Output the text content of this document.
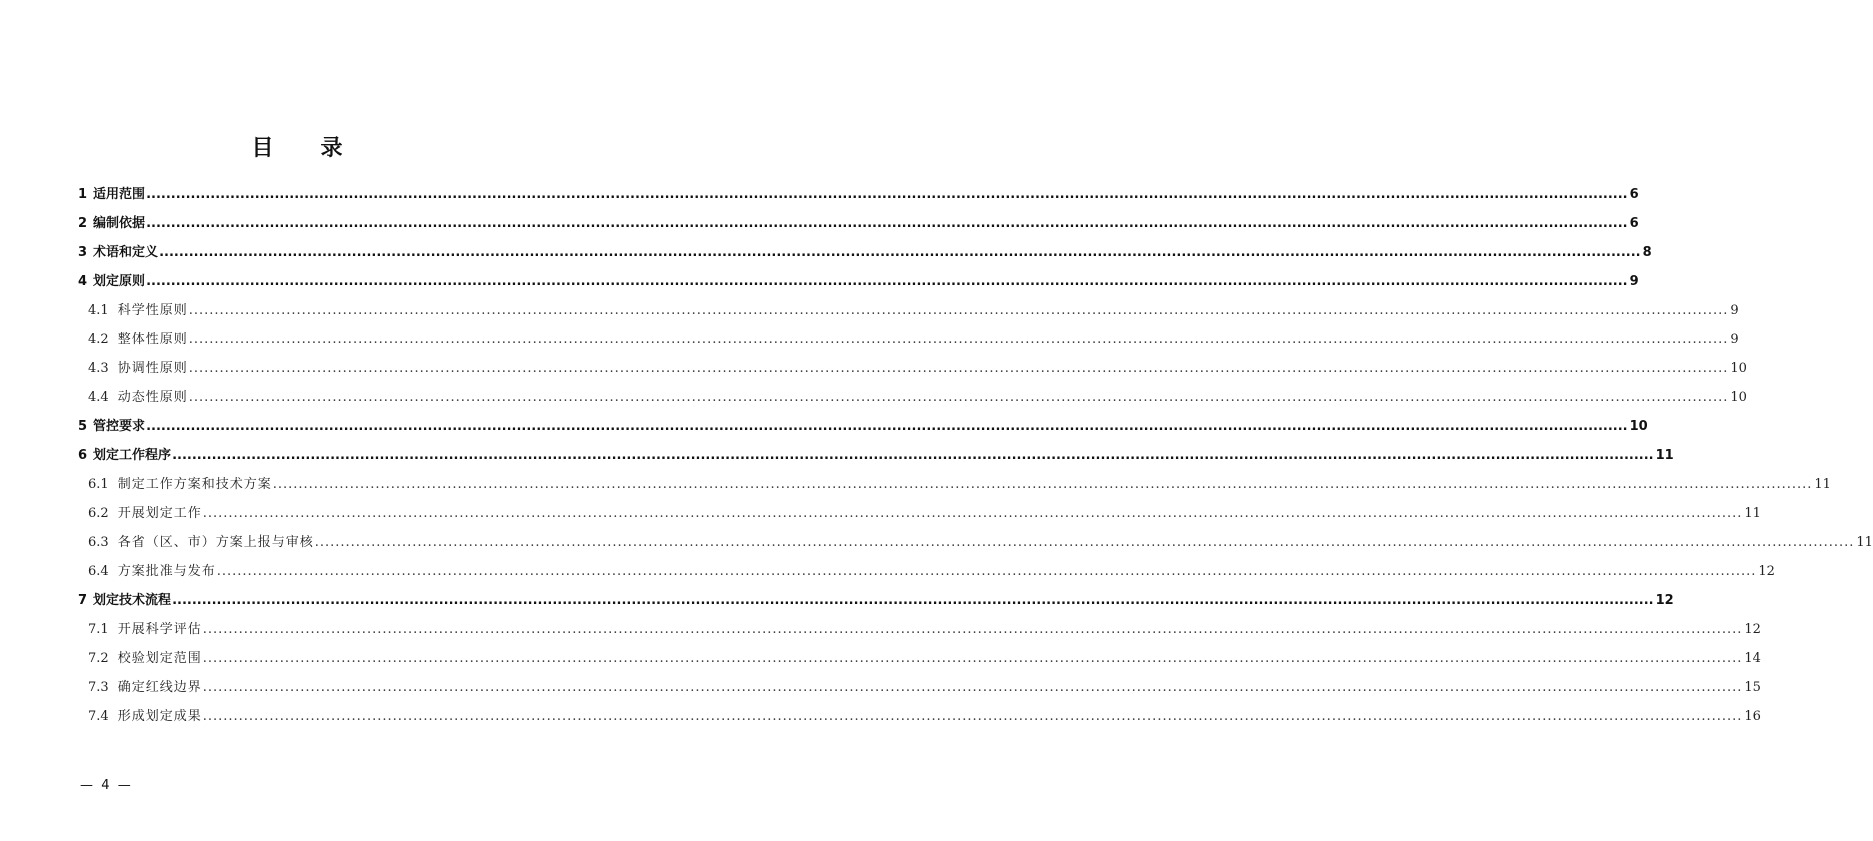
目　　录
1 适用范围 ............................................................................................................................................................................................................................................................................................................ 6
2 编制依据 ............................................................................................................................................................................................................................................................................................................ 6
3 术语和定义 ............................................................................................................................................................................................................................................................................................................ 8
4 划定原则 ............................................................................................................................................................................................................................................................................................................ 9
4.1 科学性原则 ............................................................................................................................................................................................................................................................................................................ 9
4.2 整体性原则 ............................................................................................................................................................................................................................................................................................................ 9
4.3 协调性原则 ............................................................................................................................................................................................................................................................................................................ 10
4.4 动态性原则 ............................................................................................................................................................................................................................................................................................................ 10
5 管控要求 ............................................................................................................................................................................................................................................................................................................ 10
6 划定工作程序 ............................................................................................................................................................................................................................................................................................................ 11
6.1 制定工作方案和技术方案 ............................................................................................................................................................................................................................................................................................................ 11
6.2 开展划定工作 ............................................................................................................................................................................................................................................................................................................ 11
6.3 各省（区、市）方案上报与审核 ............................................................................................................................................................................................................................................................................................................ 11
6.4 方案批准与发布 ............................................................................................................................................................................................................................................................................................................ 12
7 划定技术流程 ............................................................................................................................................................................................................................................................................................................ 12
7.1 开展科学评估 ............................................................................................................................................................................................................................................................................................................ 12
7.2 校验划定范围 ............................................................................................................................................................................................................................................................................................................ 14
7.3 确定红线边界 ............................................................................................................................................................................................................................................................................................................ 15
7.4 形成划定成果 ............................................................................................................................................................................................................................................................................................................ 16
—  4  —
